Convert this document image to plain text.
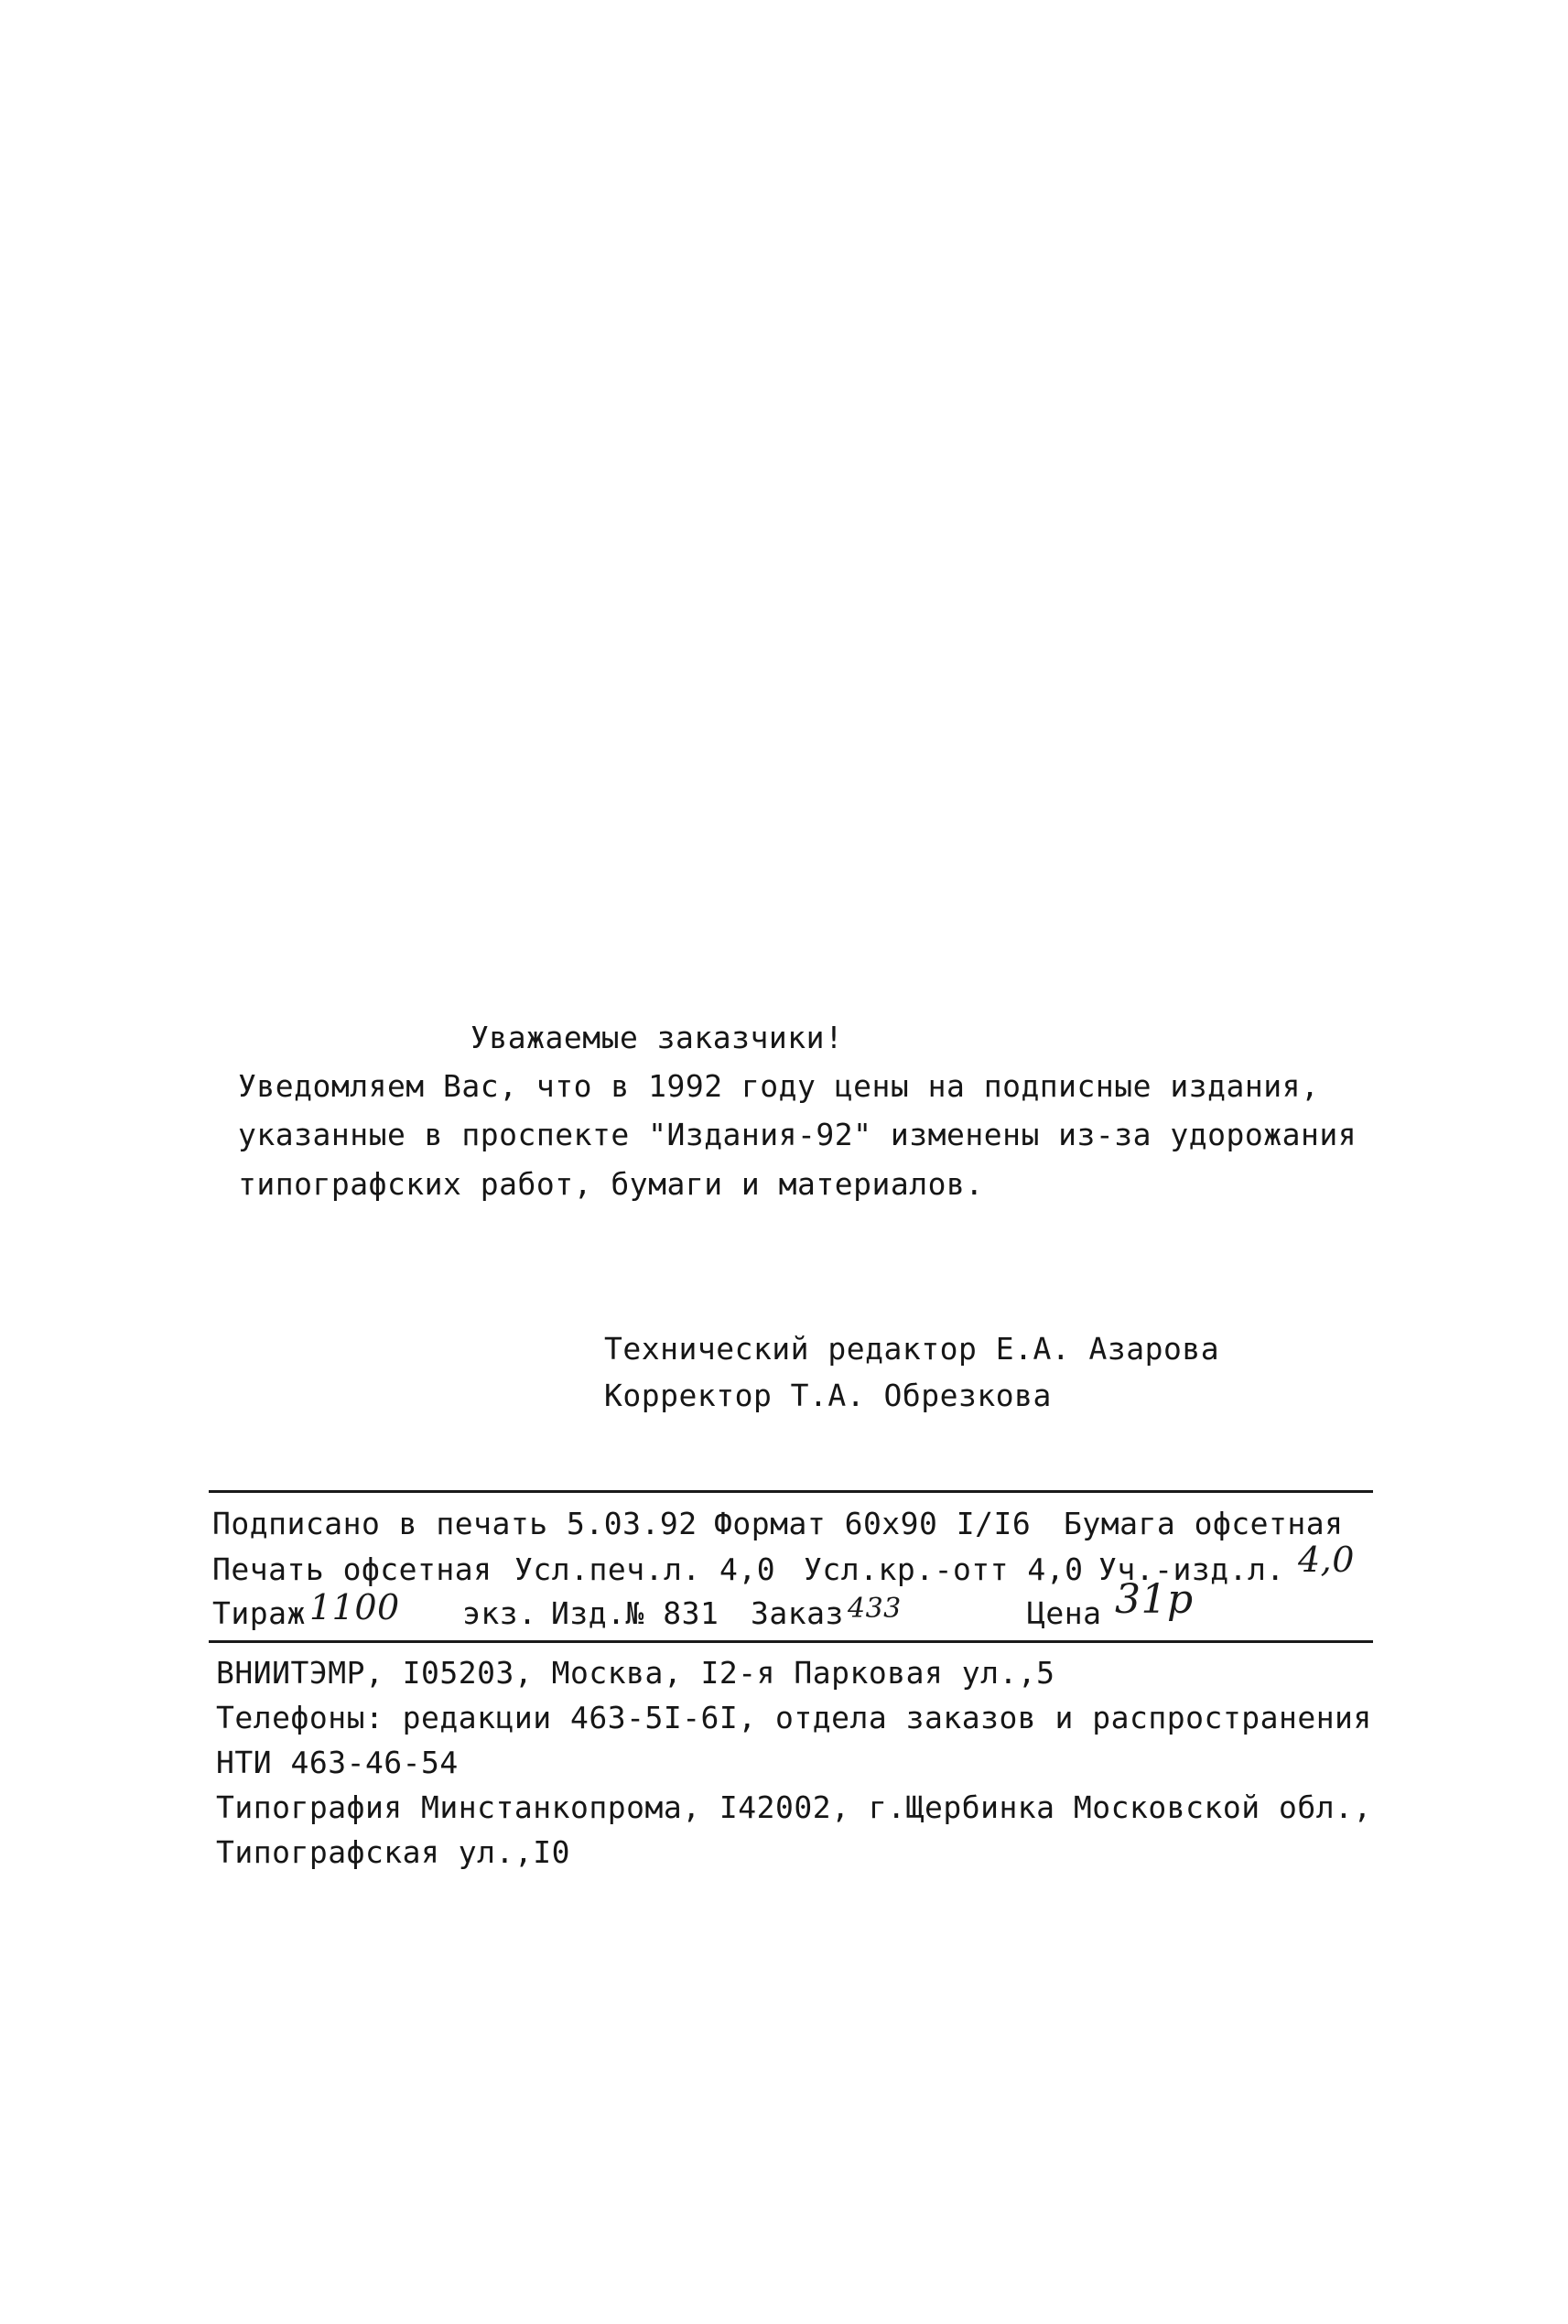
Уважаемые заказчики!
Уведомляем Вас, что в 1992 году цены на подписные издания,
указанные в проспекте "Издания-92" изменены из-за удорожания
типографских работ, бумаги и материалов.
Технический редактор Е.А. Азарова
Корректор Т.А. Обрезкова
Подписано в печать 5.03.92 Формат 60x90 I/I6 Бумага офсетная
Печать офсетная Усл.печ.л. 4,0 Усл.кр.-отт 4,0 Уч.-изд.л. 4,0
Тираж 1100 экз. Изд.№ 831 Заказ 433	Цена 31р
ВНИИТЭМР, I05203, Москва, I2-я Парковая ул.,5
Телефоны: редакции 463-5I-6I, отдела заказов и распространения
НТИ 463-46-54
Типография Минстанкопрома, I42002, г.Щербинка Московской обл.,
Типографская ул.,I0
